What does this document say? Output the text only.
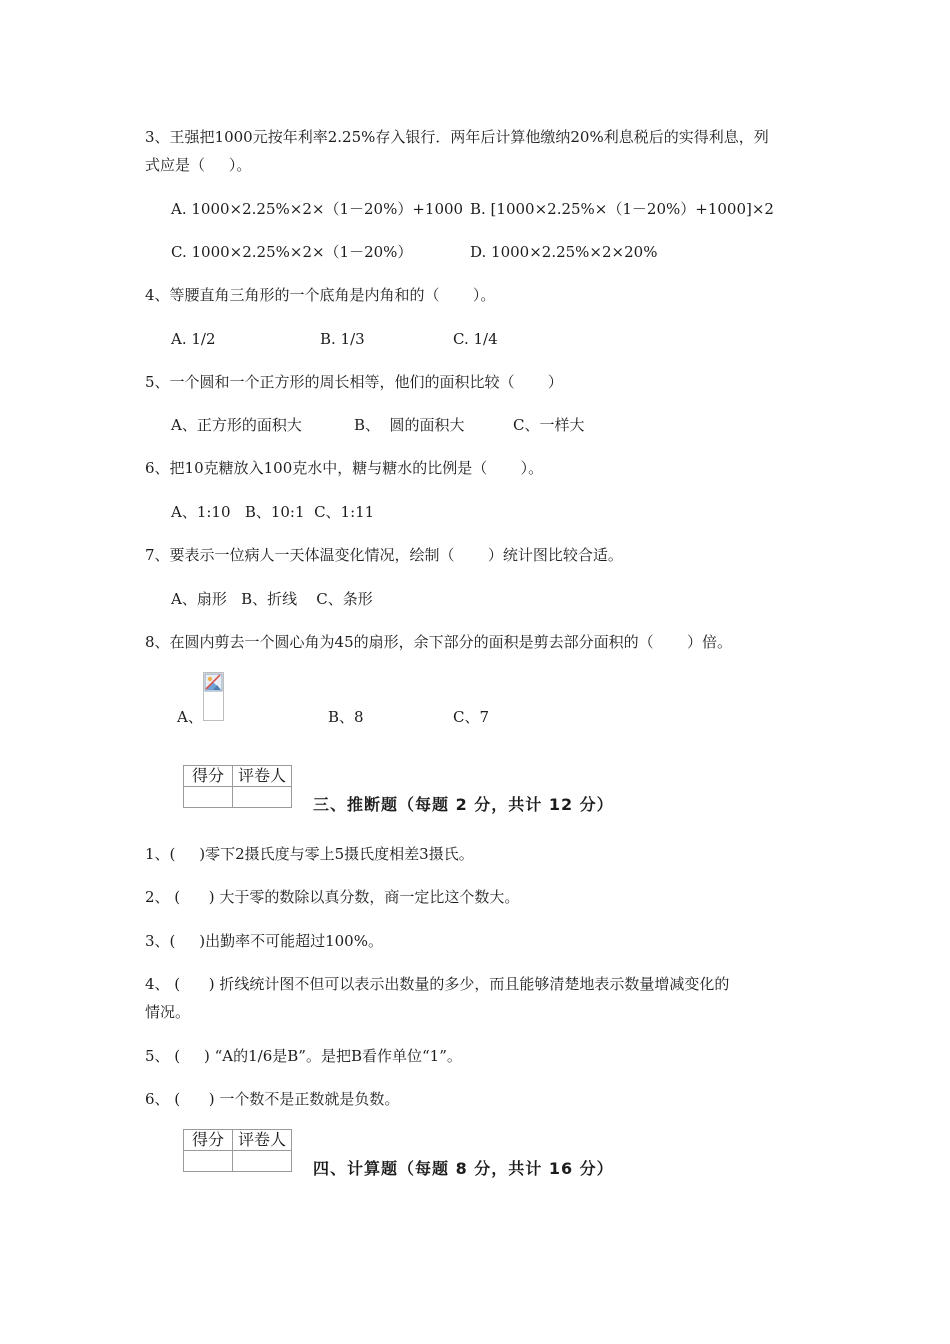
3、王强把1000元按年利率2.25%存入银行．两年后计算他缴纳20%利息税后的实得利息，列
式应是（     ）。
A. 1000×2.25%×2×（1－20%）+1000 B. [1000×2.25%×（1－20%）+1000]×2
C. 1000×2.25%×2×（1－20%）	D. 1000×2.25%×2×20%
4、等腰直角三角形的一个底角是内角和的（       ）。
A. 1/2	B. 1/3	C. 1/4
5、一个圆和一个正方形的周长相等，他们的面积比较（       ）
A、正方形的面积大	B、  圆的面积大	C、一样大
6、把10克糖放入100克水中，糖与糖水的比例是（       ）。
A、1:10   B、10:1  C、1:11
7、要表示一位病人一天体温变化情况，绘制（       ）统计图比较合适。
A、扇形   B、折线    C、条形
8、在圆内剪去一个圆心角为45的扇形，余下部分的面积是剪去部分面积的（       ）倍。
A、	B、8	C、7
得分	评卷人

三、推断题（每题 2 分，共计 12 分）
1、(     )零下2摄氏度与零上5摄氏度相差3摄氏。
2、 (      ) 大于零的数除以真分数，商一定比这个数大。
3、(     )出勤率不可能超过100%。
4、 (      ) 折线统计图不但可以表示出数量的多少，而且能够清楚地表示数量增减变化的
情况。
5、 (     ) “A的1/6是B”。是把B看作单位“1”。
6、 (      ) 一个数不是正数就是负数。
得分	评卷人

四、计算题（每题 8 分，共计 16 分）
